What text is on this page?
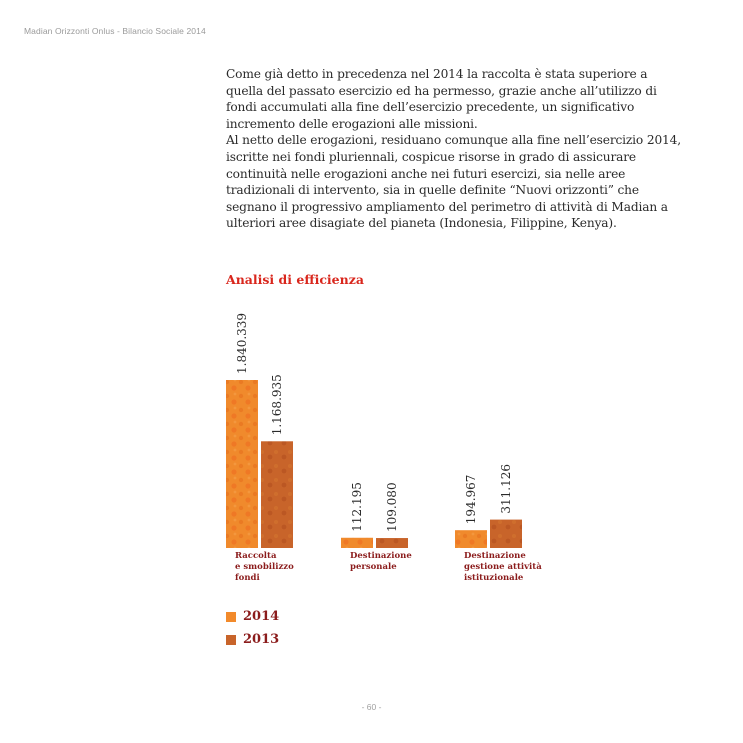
Madian Orizzonti Onlus - Bilancio Sociale 2014

Come già detto in precedenza nel 2014 la raccolta è stata superiore a quella del passato esercizio ed ha permesso, grazie anche all’utilizzo di fondi accumulati alla fine dell’esercizio precedente, un significativo incremento delle erogazioni alle missioni.

Al netto delle erogazioni, residuano comunque alla fine nell’esercizio 2014, iscritte nei fondi pluriennali, cospicue risorse in grado di assicurare continuità nelle erogazioni anche nei futuri esercizi, sia nelle aree tradizionali di intervento, sia in quelle definite “Nuovi orizzonti” che segnano il progressivo ampliamento del perimetro di attività di Madian a ulteriori aree disagiate del pianeta (Indonesia, Filippine, Kenya).

Analisi di efficienza
1.840.339
1.168.935
112.195 109.080	194.967 311.126
Raccolta
e smobilizzo
fondi
Destinazione
personale
Destinazione
gestione attività
istituzionale
2014
2013
- 60 -
